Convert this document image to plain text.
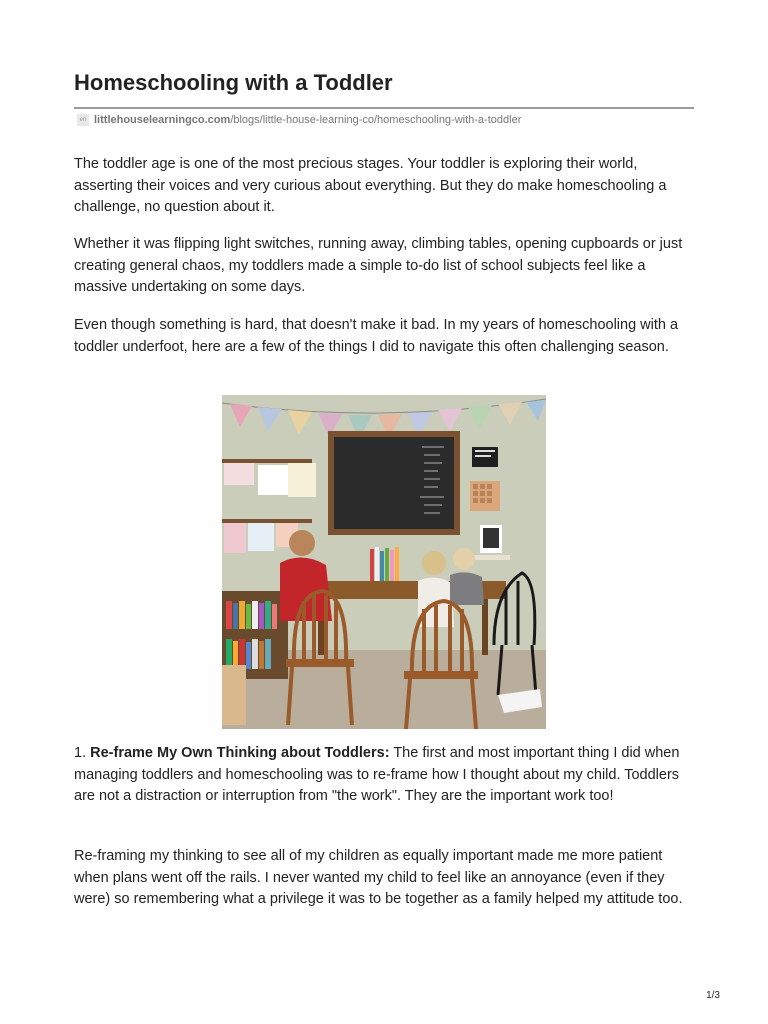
Homeschooling with a Toddler
en littlehouselearningco.com /blogs/little-house-learning-co/homeschooling-with-a-toddler

The toddler age is one of the most precious stages. Your toddler is exploring their world, asserting their voices and very curious about everything. But they do make homeschooling a challenge, no question about it.

Whether it was flipping light switches, running away, climbing tables, opening cupboards or just creating general chaos, my toddlers made a simple to-do list of school subjects feel like a massive undertaking on some days.

Even though something is hard, that doesn't make it bad. In my years of homeschooling with a toddler underfoot, here are a few of the things I did to navigate this often challenging season.

1. Re-frame My Own Thinking about Toddlers: The first and most important thing I did when managing toddlers and homeschooling was to re-frame how I thought about my child. Toddlers are not a distraction or interruption from "the work". They are the important work too!

Re-framing my thinking to see all of my children as equally important made me more patient when plans went off the rails. I never wanted my child to feel like an annoyance (even if they were) so remembering what a privilege it was to be together as a family helped my attitude too.

1/3
